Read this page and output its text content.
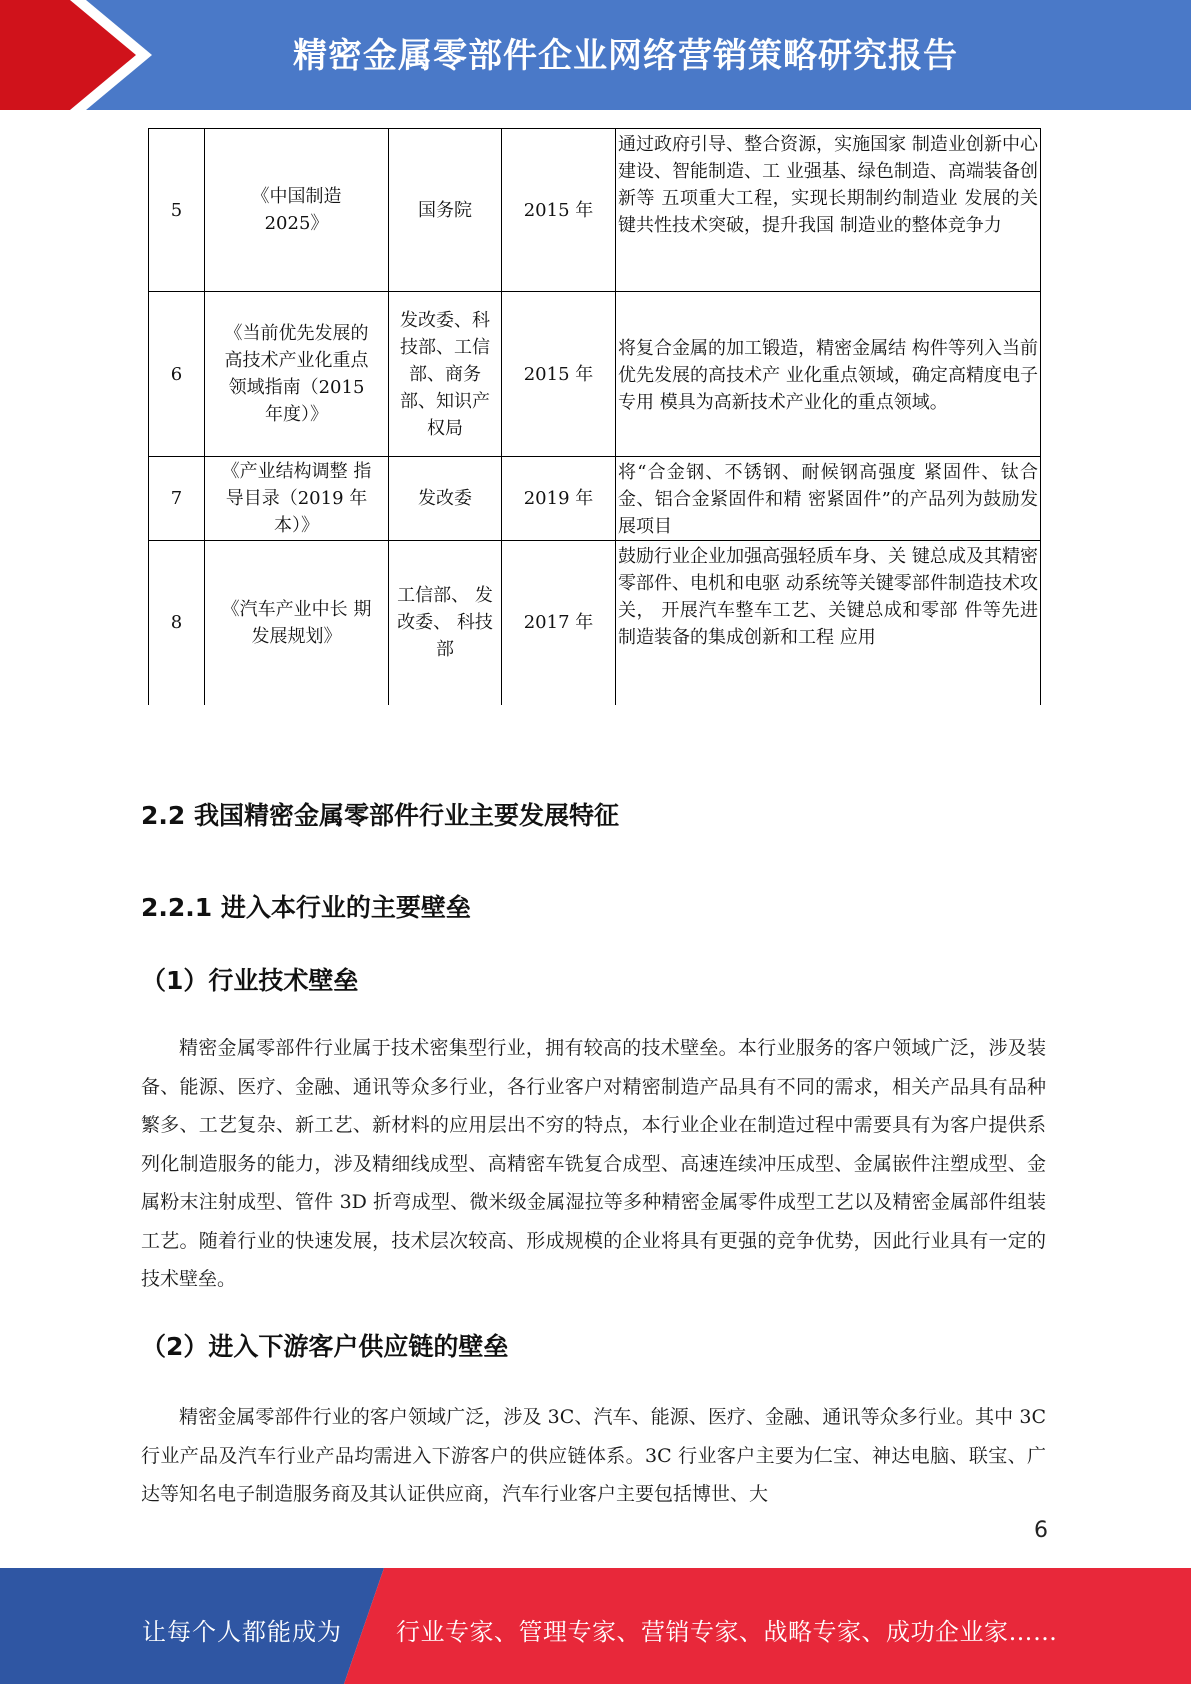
精密金属零部件企业网络营销策略研究报告
5	《中国制造 2025》	国务院	2015 年	通过政府引导、整合资源，实施国家 制造业创新中心建设、智能制造、工 业强基、绿色制造、高端装备创新等 五项重大工程，实现长期制约制造业 发展的关键共性技术突破，提升我国 制造业的整体竞争力
6	《当前优先发展的高技术产业化重点领域指南（2015 年度）》	发改委、科技部、工信部、商务部、知识产权局	2015 年	将复合金属的加工锻造，精密金属结 构件等列入当前优先发展的高技术产 业化重点领域，确定高精度电子专用 模具为高新技术产业化的重点领域。
7	《产业结构调整 指导目录（2019 年本）》	发改委	2019 年	将“合金钢、不锈钢、耐候钢高强度 紧固件、钛合金、铝合金紧固件和精 密紧固件”的产品列为鼓励发展项目
8	《汽车产业中长 期发展规划》	工信部、 发改委、 科技部	2017 年	鼓励行业企业加强高强轻质车身、关 键总成及其精密零部件、电机和电驱 动系统等关键零部件制造技术攻关， 开展汽车整车工艺、关键总成和零部 件等先进制造装备的集成创新和工程 应用
2.2 我国精密金属零部件行业主要发展特征
2.2.1 进入本行业的主要壁垒
（1）行业技术壁垒

精密金属零部件行业属于技术密集型行业，拥有较高的技术壁垒。本行业服务的客户领域广泛，涉及装备、能源、医疗、金融、通讯等众多行业，各行业客户对精密制造产品具有不同的需求，相关产品具有品种繁多、工艺复杂、新工艺、新材料的应用层出不穷的特点，本行业企业在制造过程中需要具有为客户提供系列化制造服务的能力，涉及精细线成型、高精密车铣复合成型、高速连续冲压成型、金属嵌件注塑成型、金属粉末注射成型、管件 3D 折弯成型、微米级金属湿拉等多种精密金属零件成型工艺以及精密金属部件组装工艺。随着行业的快速发展，技术层次较高、形成规模的企业将具有更强的竞争优势，因此行业具有一定的技术壁垒。

（2）进入下游客户供应链的壁垒

精密金属零部件行业的客户领域广泛，涉及 3C、汽车、能源、医疗、金融、通讯等众多行业。其中 3C 行业产品及汽车行业产品均需进入下游客户的供应链体系。3C 行业客户主要为仁宝、神达电脑、联宝、广达等知名电子制造服务商及其认证供应商，汽车行业客户主要包括博世、大

6
让每个人都能成为 行业专家、管理专家、营销专家、战略专家、成功企业家……
